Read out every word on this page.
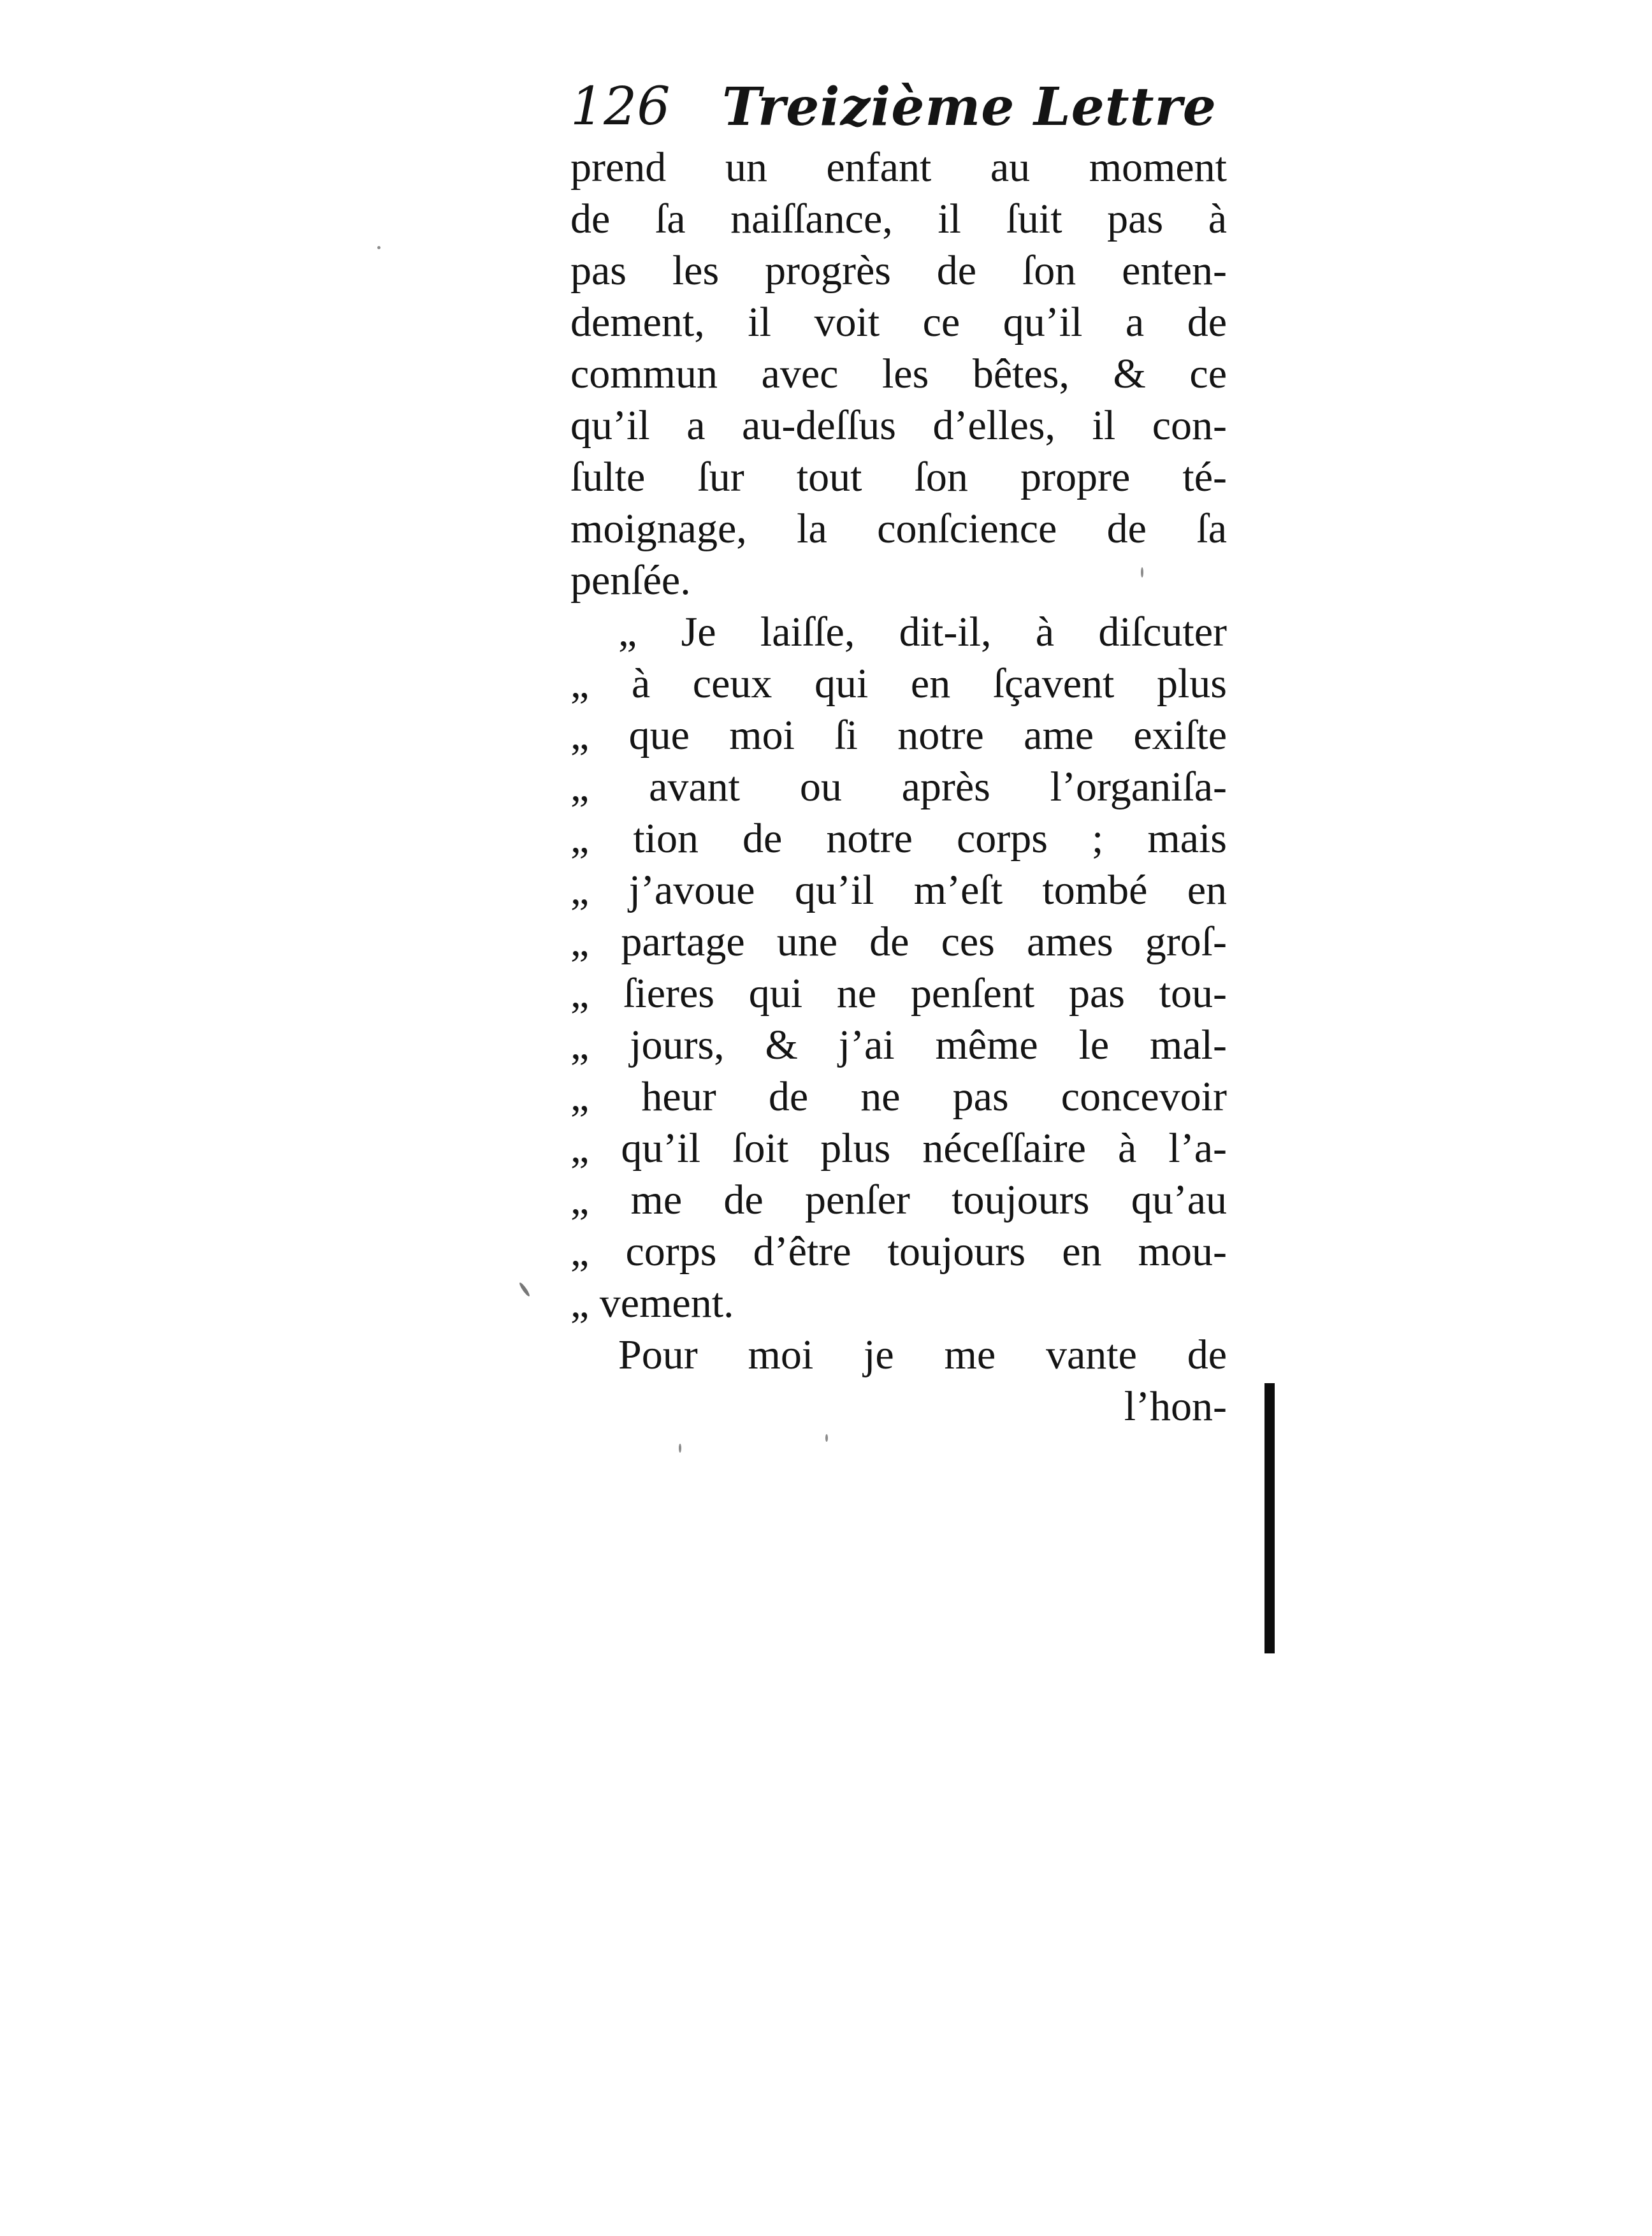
126 Treizième Lettre
prend un enfant au moment
de ſa naiſſance, il ſuit pas à
pas les progrès de ſon enten-
dement, il voit ce qu’il a de
commun avec les bêtes, & ce
qu’il a au-deſſus d’elles, il con-
ſulte ſur tout ſon propre té-
moignage, la conſcience de ſa
penſée.
„ Je laiſſe, dit-il, à diſcuter
„ à ceux qui en ſçavent plus
„ que moi ſi notre ame exiſte
„ avant ou après l’organiſa-
„ tion de notre corps ; mais
„ j’avoue qu’il m’eſt tombé en
„ partage une de ces ames groſ-
„ ſieres qui ne penſent pas tou-
„ jours, & j’ai même le mal-
„ heur de ne pas concevoir
„ qu’il ſoit plus néceſſaire à l’a-
„ me de penſer toujours qu’au
„ corps d’être toujours en mou-
„ vement.
Pour moi je me vante de
l’hon-
